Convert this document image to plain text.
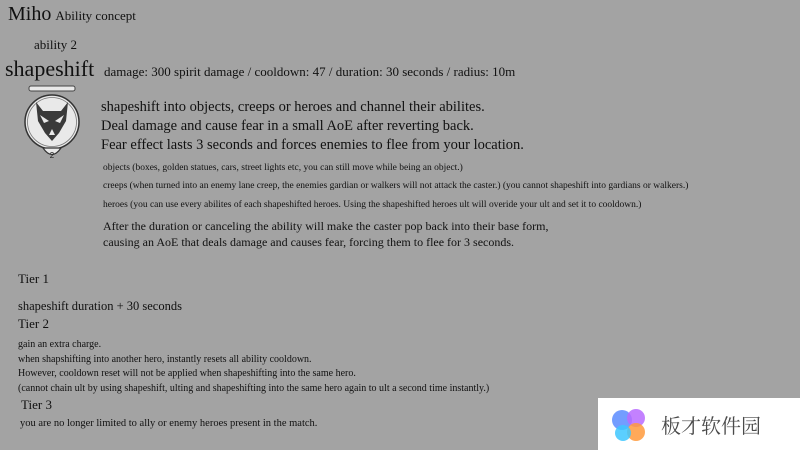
Miho Ability concept
ability 2
shapeshift damage: 300 spirit damage / cooldown: 47 / duration: 30 seconds / radius: 10m
2
shapeshift into objects, creeps or heroes and channel their abilites.
Deal damage and cause fear in a small AoE after reverting back.
Fear effect lasts 3 seconds and forces enemies to flee from your location.
objects (boxes, golden statues, cars, street lights etc, you can still move while being an object.)
creeps (when turned into an enemy lane creep, the enemies gardian or walkers will not attack the caster.) (you cannot shapeshift into gardians or walkers.)
heroes (you can use every abilites of each shapeshifted heroes. Using the shapeshifted heroes ult will overide your ult and set it to cooldown.)
After the duration or canceling the ability will make the caster pop back into their base form,
causing an AoE that deals damage and causes fear, forcing them to flee for 3 seconds.
Tier 1
shapeshift duration + 30 seconds
Tier 2
gain an extra charge.
when shapshifting into another hero, instantly resets all ability cooldown.
However, cooldown reset will not be applied when shapeshifting into the same hero.
(cannot chain ult by using shapeshift, ulting and shapeshifting into the same hero again to ult a second time instantly.)
Tier 3
you are no longer limited to ally or enemy heroes present in the match.	板才软件园
